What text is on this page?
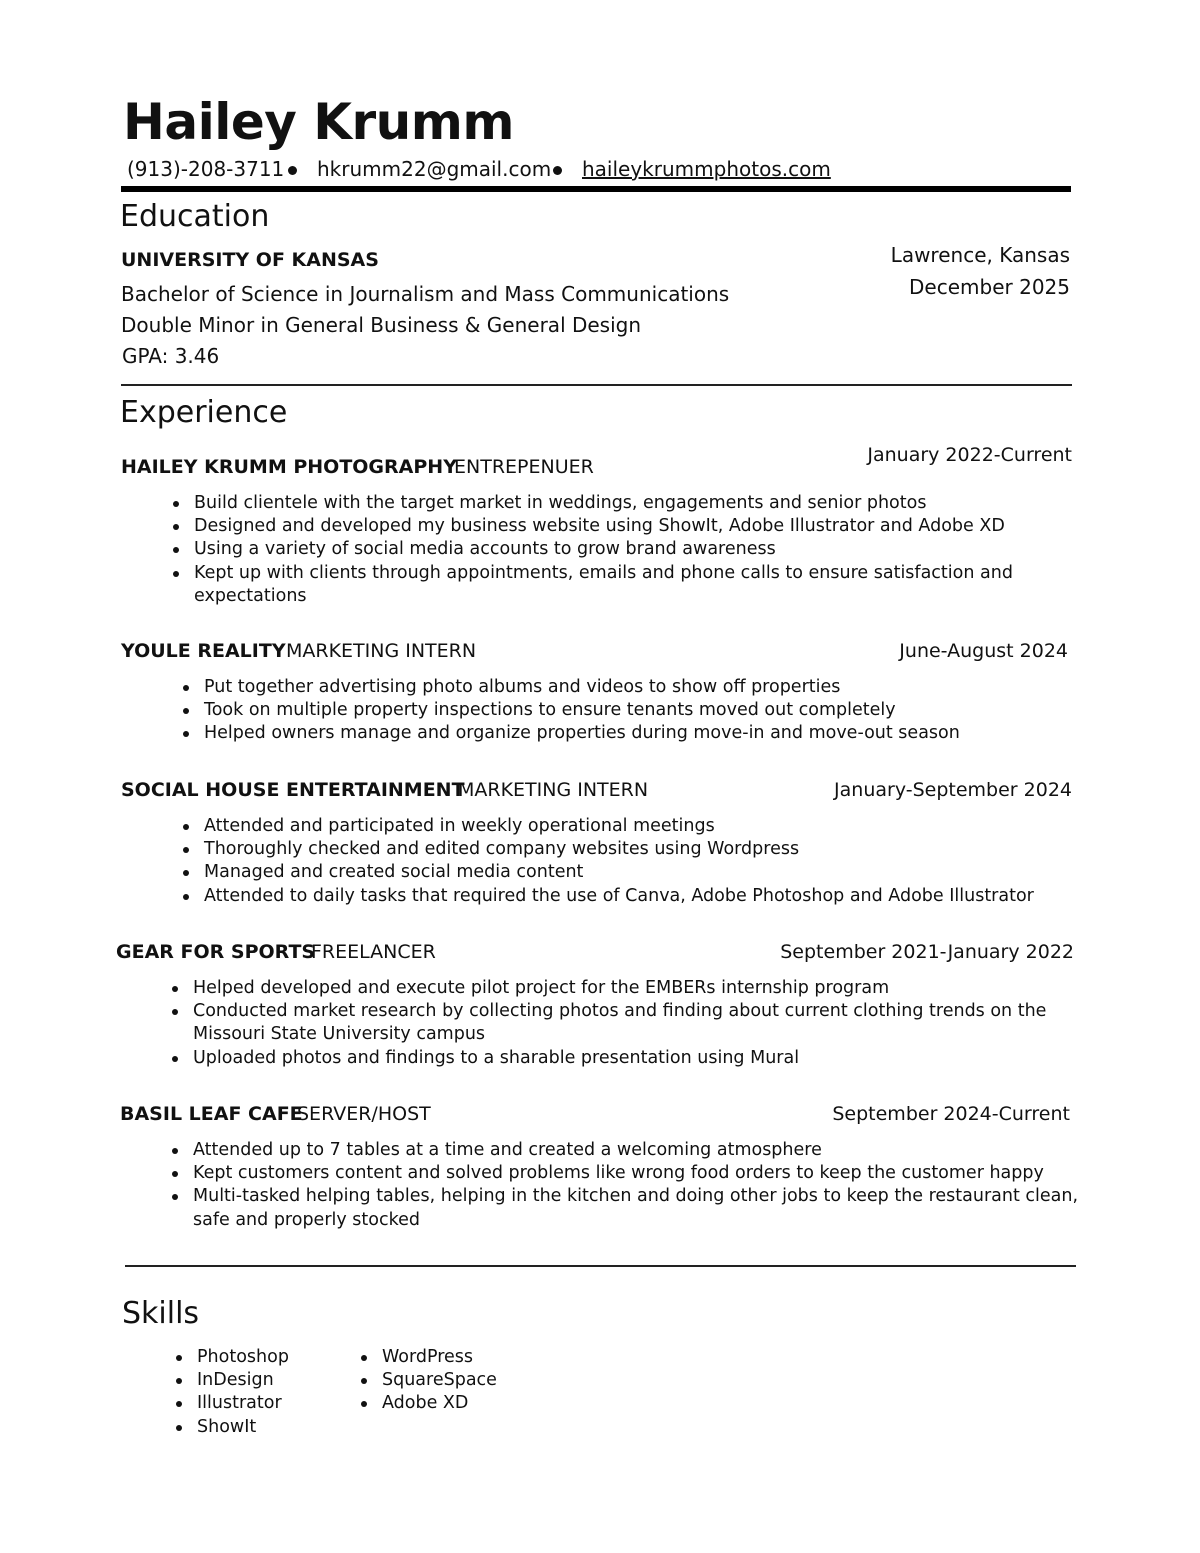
Hailey Krumm
(913)-208-3711 hkrumm22@gmail.com haileykrummphotos.com
Education
UNIVERSITY OF KANSAS
Bachelor of Science in Journalism and Mass Communications
Double Minor in General Business & General Design
GPA: 3.46
Lawrence, Kansas
December 2025
Experience
HAILEY KRUMM PHOTOGRAPHY
ENTREPENUER
January 2022-Current
Build clientele with the target market in weddings, engagements and senior photos
Designed and developed my business website using ShowIt, Adobe Illustrator and Adobe XD
Using a variety of social media accounts to grow brand awareness
Kept up with clients through appointments, emails and phone calls to ensure satisfaction and
expectations
YOULE REALITY MARKETING INTERN	June-August 2024
Put together advertising photo albums and videos to show off properties
Took on multiple property inspections to ensure tenants moved out completely
Helped owners manage and organize properties during move-in and move-out season
SOCIAL HOUSE ENTERTAINMENT
MARKETING INTERN	January-September 2024
Attended and participated in weekly operational meetings
Thoroughly checked and edited company websites using Wordpress
Managed and created social media content
Attended to daily tasks that required the use of Canva, Adobe Photoshop and Adobe Illustrator
GEAR FOR SPORTS
FREELANCER	September 2021-January 2022
Helped developed and execute pilot project for the EMBERs internship program
Conducted market research by collecting photos and finding about current clothing trends on the
Missouri State University campus
Uploaded photos and findings to a sharable presentation using Mural
BASIL LEAF CAFE
SERVER/HOST	September 2024-Current
Attended up to 7 tables at a time and created a welcoming atmosphere
Kept customers content and solved problems like wrong food orders to keep the customer happy
Multi-tasked helping tables, helping in the kitchen and doing other jobs to keep the restaurant clean,
safe and properly stocked
Skills
Photoshop
InDesign
Illustrator
ShowIt
WordPress
SquareSpace
Adobe XD
